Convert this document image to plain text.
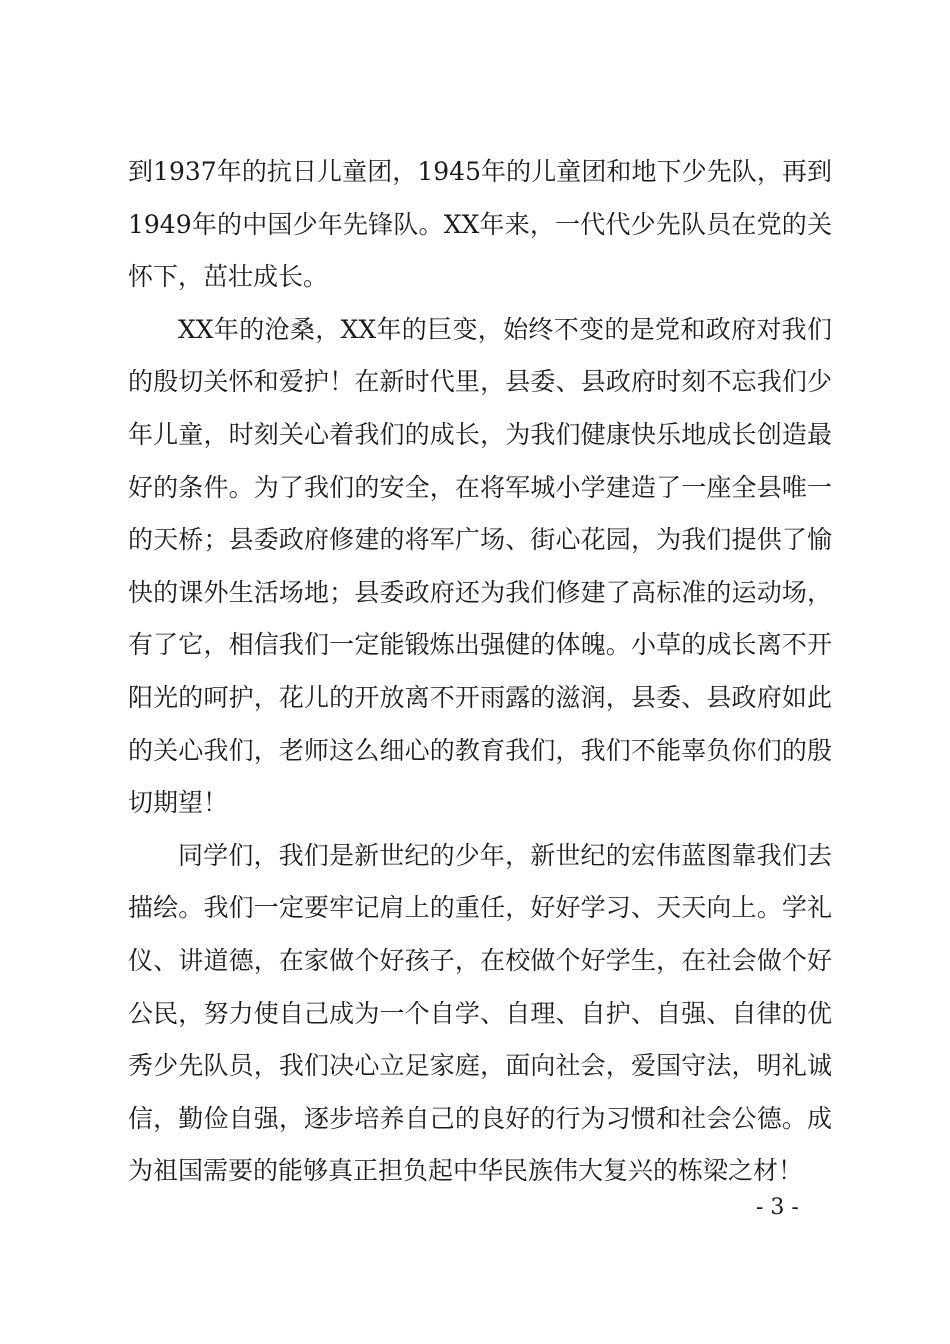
到1937年的抗日儿童团，1945年的儿童团和地下少先队，再到1949年的中国少年先锋队。XX年来，一代代少先队员在党的关怀下，茁壮成长。

XX年的沧桑，XX年的巨变，始终不变的是党和政府对我们的殷切关怀和爱护！在新时代里，县委、县政府时刻不忘我们少年儿童，时刻关心着我们的成长，为我们健康快乐地成长创造最好的条件。为了我们的安全，在将军城小学建造了一座全县唯一的天桥；县委政府修建的将军广场、街心花园，为我们提供了愉快的课外生活场地；县委政府还为我们修建了高标准的运动场，有了它，相信我们一定能锻炼出强健的体魄。小草的成长离不开阳光的呵护，花儿的开放离不开雨露的滋润，县委、县政府如此的关心我们，老师这么细心的教育我们，我们不能辜负你们的殷切期望！

同学们，我们是新世纪的少年，新世纪的宏伟蓝图靠我们去描绘。我们一定要牢记肩上的重任，好好学习、天天向上。学礼仪、讲道德，在家做个好孩子，在校做个好学生，在社会做个好公民，努力使自己成为一个自学、自理、自护、自强、自律的优秀少先队员，我们决心立足家庭，面向社会，爱国守法，明礼诚信，勤俭自强，逐步培养自己的良好的行为习惯和社会公德。成为祖国需要的能够真正担负起中华民族伟大复兴的栋梁之材！

- 3 -
